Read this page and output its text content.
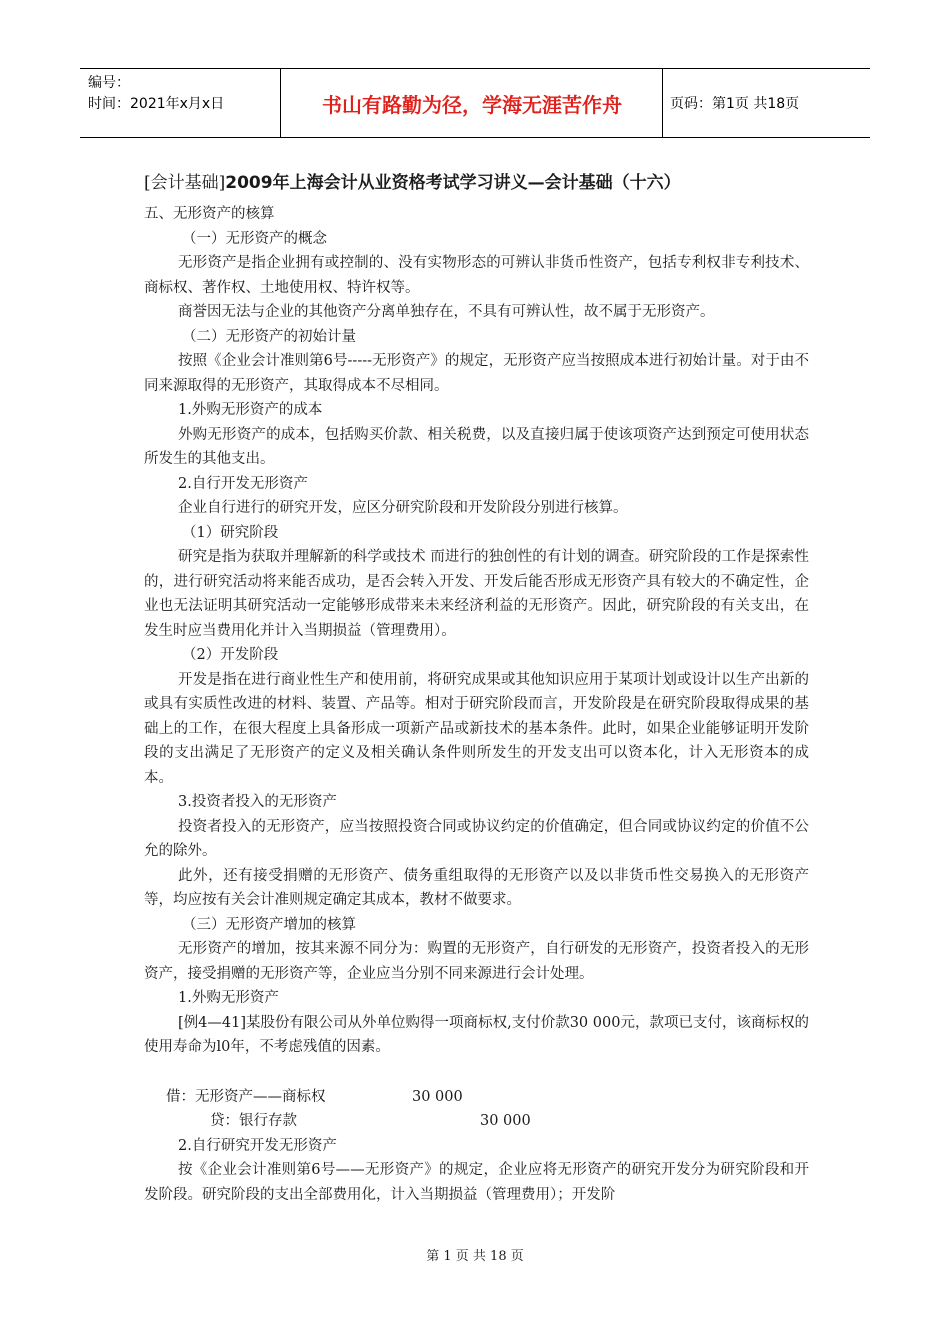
编号：
时间：2021年x月x日	书山有路勤为径，学海无涯苦作舟	页码：第1页 共18页
[会计基础]2009年上海会计从业资格考试学习讲义—会计基础（十六）

五、无形资产的核算

（一）无形资产的概念

无形资产是指企业拥有或控制的、没有实物形态的可辨认非货币性资产，包括专利权非专利技术、商标权、著作权、土地使用权、特许权等。

商誉因无法与企业的其他资产分离单独存在，不具有可辨认性，故不属于无形资产。

（二）无形资产的初始计量

按照《企业会计准则第6号-----无形资产》的规定，无形资产应当按照成本进行初始计量。对于由不同来源取得的无形资产，其取得成本不尽相同。

1.外购无形资产的成本

外购无形资产的成本，包括购买价款、相关税费，以及直接归属于使该项资产达到预定可使用状态所发生的其他支出。

2.自行开发无形资产

企业自行进行的研究开发，应区分研究阶段和开发阶段分别进行核算。

（1）研究阶段

研究是指为获取并理解新的科学或技术 而进行的独创性的有计划的调查。研究阶段的工作是探索性的，进行研究活动将来能否成功，是否会转入开发、开发后能否形成无形资产具有较大的不确定性，企业也无法证明其研究活动一定能够形成带来未来经济利益的无形资产。因此，研究阶段的有关支出，在发生时应当费用化并计入当期损益（管理费用）。

（2）开发阶段

开发是指在进行商业性生产和使用前，将研究成果或其他知识应用于某项计划或设计以生产出新的或具有实质性改进的材料、装置、产品等。相对于研究阶段而言，开发阶段是在研究阶段取得成果的基础上的工作，在很大程度上具备形成一项新产品或新技术的基本条件。此时，如果企业能够证明开发阶段的支出满足了无形资产的定义及相关确认条件则所发生的开发支出可以资本化，计入无形资本的成本。

3.投资者投入的无形资产

投资者投入的无形资产，应当按照投资合同或协议约定的价值确定，但合同或协议约定的价值不公允的除外。

此外，还有接受捐赠的无形资产、债务重组取得的无形资产以及以非货币性交易换入的无形资产等，均应按有关会计准则规定确定其成本，教材不做要求。

（三）无形资产增加的核算

无形资产的增加，按其来源不同分为：购置的无形资产，自行研发的无形资产，投资者投入的无形资产，接受捐赠的无形资产等，企业应当分别不同来源进行会计处理。

1.外购无形资产

[例4—41]某股份有限公司从外单位购得一项商标权,支付价款30 000元，款项已支付，该商标权的使用寿命为l0年，不考虑残值的因素。

借：无形资产——商标权	30 000
贷：银行存款	30 000

2.自行研究开发无形资产

按《企业会计准则第6号——无形资产》的规定，企业应将无形资产的研究开发分为研究阶段和开发阶段。研究阶段的支出全部费用化，计入当期损益（管理费用）；开发阶

第 1 页 共 18 页
